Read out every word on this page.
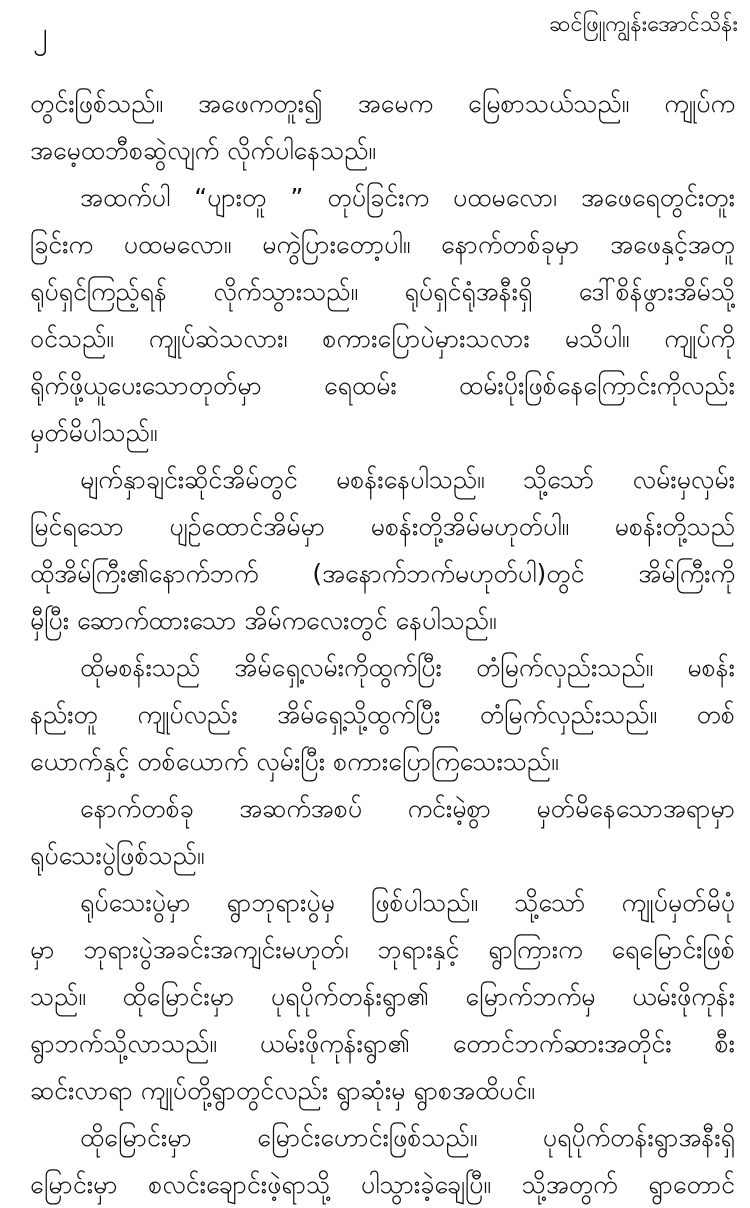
၂	ဆင်ဖြူကျွန်းအောင်သိန်း
တွင်းဖြစ်သည်။ အဖေကတူး၍ အမေက မြေစာသယ်သည်။ ကျုပ်က
အမေ့ထဘီစဆွဲလျက် လိုက်ပါနေသည်။
အထက်ပါ “ပျားတူ ” တုပ်ခြင်းက ပထမလော၊ အဖေရေတွင်းတူး
ခြင်းက ပထမလော။ မကွဲပြားတော့ပါ။ နောက်တစ်ခုမှာ အဖေနှင့်အတူ
ရုပ်ရှင်ကြည့်ရန် လိုက်သွားသည်။ ရုပ်ရှင်ရုံအနီးရှိ ဒေါ်စိန်ဖွားအိမ်သို့
ဝင်သည်။ ကျုပ်ဆဲသလား၊ စကားပြောပဲမှားသလား မသိပါ။ ကျုပ်ကို
ရိုက်ဖို့ယူပေးသောတုတ်မှာ ရေထမ်း ထမ်းပိုးဖြစ်နေကြောင်းကိုလည်း
မှတ်မိပါသည်။
မျက်နှာချင်းဆိုင်အိမ်တွင် မစန်းနေပါသည်။ သို့သော် လမ်းမှလှမ်း
မြင်ရသော ပျဉ်ထောင်အိမ်မှာ မစန်းတို့အိမ်မဟုတ်ပါ။ မစန်းတို့သည်
ထိုအိမ်ကြီး၏နောက်ဘက် (အနောက်ဘက်မဟုတ်ပါ)တွင် အိမ်ကြီးကို
မှီပြီး ဆောက်ထားသော အိမ်ကလေးတွင် နေပါသည်။
ထိုမစန်းသည် အိမ်ရှေ့လမ်းကိုထွက်ပြီး တံမြက်လှည်းသည်။ မစန်း
နည်းတူ ကျုပ်လည်း အိမ်ရှေ့သို့ထွက်ပြီး တံမြက်လှည်းသည်။ တစ်
ယောက်နှင့် တစ်ယောက် လှမ်းပြီး စကားပြောကြသေးသည်။
နောက်တစ်ခု အဆက်အစပ် ကင်းမဲ့စွာ မှတ်မိနေသောအရာမှာ
ရုပ်သေးပွဲဖြစ်သည်။
ရုပ်သေးပွဲမှာ ရွာဘုရားပွဲမှ ဖြစ်ပါသည်။ သို့သော် ကျုပ်မှတ်မိပုံ
မှာ ဘုရားပွဲအခင်းအကျင်းမဟုတ်၊ ဘုရားနှင့် ရွာကြားက ရေမြောင်းဖြစ်
သည်။ ထိုမြောင်းမှာ ပုရပိုက်တန်းရွာ၏ မြောက်ဘက်မှ ယမ်းဖိုကုန်း
ရွာဘက်သို့လာသည်။ ယမ်းဖိုကုန်းရွာ၏ တောင်ဘက်ဆားအတိုင်း စီး
ဆင်းလာရာ ကျုပ်တို့ရွာတွင်လည်း ရွာဆုံးမှ ရွာစအထိပင်။
ထိုမြောင်းမှာ မြောင်းဟောင်းဖြစ်သည်။ ပုရပိုက်တန်းရွာအနီးရှိ
မြောင်းမှာ စလင်းချောင်းဖဲ့ရာသို့ ပါသွားခဲ့ချေပြီ။ သို့အတွက် ရွာတောင်
